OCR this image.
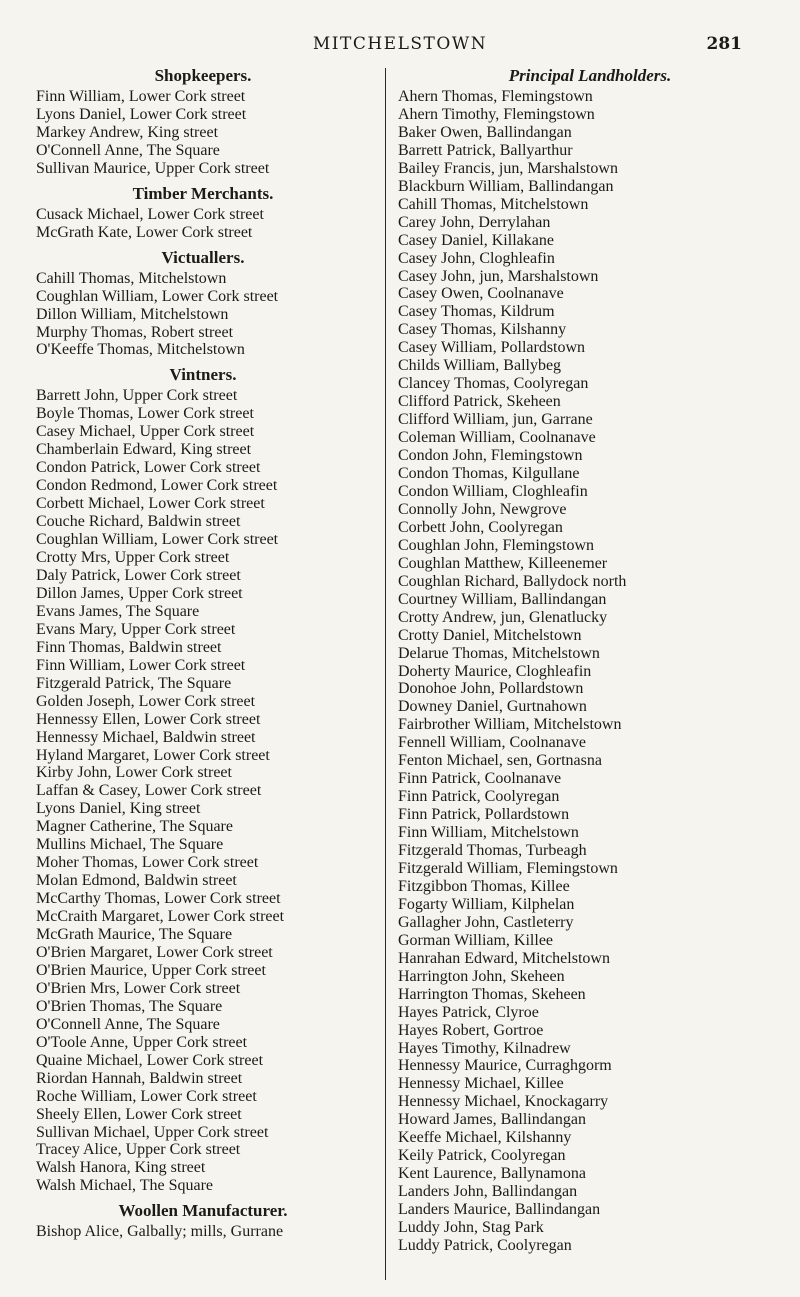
MITCHELSTOWN	281
Shopkeepers.
Finn William, Lower Cork street
Lyons Daniel, Lower Cork street
Markey Andrew, King street
O'Connell Anne, The Square
Sullivan Maurice, Upper Cork street
Timber Merchants.
Cusack Michael, Lower Cork street
McGrath Kate, Lower Cork street
Victuallers.
Cahill Thomas, Mitchelstown
Coughlan William, Lower Cork street
Dillon William, Mitchelstown
Murphy Thomas, Robert street
O'Keeffe Thomas, Mitchelstown
Vintners.
Barrett John, Upper Cork street
Boyle Thomas, Lower Cork street
Casey Michael, Upper Cork street
Chamberlain Edward, King street
Condon Patrick, Lower Cork street
Condon Redmond, Lower Cork street
Corbett Michael, Lower Cork street
Couche Richard, Baldwin street
Coughlan William, Lower Cork street
Crotty Mrs, Upper Cork street
Daly Patrick, Lower Cork street
Dillon James, Upper Cork street
Evans James, The Square
Evans Mary, Upper Cork street
Finn Thomas, Baldwin street
Finn William, Lower Cork street
Fitzgerald Patrick, The Square
Golden Joseph, Lower Cork street
Hennessy Ellen, Lower Cork street
Hennessy Michael, Baldwin street
Hyland Margaret, Lower Cork street
Kirby John, Lower Cork street
Laffan & Casey, Lower Cork street
Lyons Daniel, King street
Magner Catherine, The Square
Mullins Michael, The Square
Moher Thomas, Lower Cork street
Molan Edmond, Baldwin street
McCarthy Thomas, Lower Cork street
McCraith Margaret, Lower Cork street
McGrath Maurice, The Square
O'Brien Margaret, Lower Cork street
O'Brien Maurice, Upper Cork street
O'Brien Mrs, Lower Cork street
O'Brien Thomas, The Square
O'Connell Anne, The Square
O'Toole Anne, Upper Cork street
Quaine Michael, Lower Cork street
Riordan Hannah, Baldwin street
Roche William, Lower Cork street
Sheely Ellen, Lower Cork street
Sullivan Michael, Upper Cork street
Tracey Alice, Upper Cork street
Walsh Hanora, King street
Walsh Michael, The Square
Woollen Manufacturer.
Bishop Alice, Galbally; mills, Gurrane
Principal Landholders.
Ahern Thomas, Flemingstown
Ahern Timothy, Flemingstown
Baker Owen, Ballindangan
Barrett Patrick, Ballyarthur
Bailey Francis, jun, Marshalstown
Blackburn William, Ballindangan
Cahill Thomas, Mitchelstown
Carey John, Derrylahan
Casey Daniel, Killakane
Casey John, Cloghleafin
Casey John, jun, Marshalstown
Casey Owen, Coolnanave
Casey Thomas, Kildrum
Casey Thomas, Kilshanny
Casey William, Pollardstown
Childs William, Ballybeg
Clancey Thomas, Coolyregan
Clifford Patrick, Skeheen
Clifford William, jun, Garrane
Coleman William, Coolnanave
Condon John, Flemingstown
Condon Thomas, Kilgullane
Condon William, Cloghleafin
Connolly John, Newgrove
Corbett John, Coolyregan
Coughlan John, Flemingstown
Coughlan Matthew, Killeenemer
Coughlan Richard, Ballydock north
Courtney William, Ballindangan
Crotty Andrew, jun, Glenatlucky
Crotty Daniel, Mitchelstown
Delarue Thomas, Mitchelstown
Doherty Maurice, Cloghleafin
Donohoe John, Pollardstown
Downey Daniel, Gurtnahown
Fairbrother William, Mitchelstown
Fennell William, Coolnanave
Fenton Michael, sen, Gortnasna
Finn Patrick, Coolnanave
Finn Patrick, Coolyregan
Finn Patrick, Pollardstown
Finn William, Mitchelstown
Fitzgerald Thomas, Turbeagh
Fitzgerald William, Flemingstown
Fitzgibbon Thomas, Killee
Fogarty William, Kilphelan
Gallagher John, Castleterry
Gorman William, Killee
Hanrahan Edward, Mitchelstown
Harrington John, Skeheen
Harrington Thomas, Skeheen
Hayes Patrick, Clyroe
Hayes Robert, Gortroe
Hayes Timothy, Kilnadrew
Hennessy Maurice, Curraghgorm
Hennessy Michael, Killee
Hennessy Michael, Knockagarry
Howard James, Ballindangan
Keeffe Michael, Kilshanny
Keily Patrick, Coolyregan
Kent Laurence, Ballynamona
Landers John, Ballindangan
Landers Maurice, Ballindangan
Luddy John, Stag Park
Luddy Patrick, Coolyregan
